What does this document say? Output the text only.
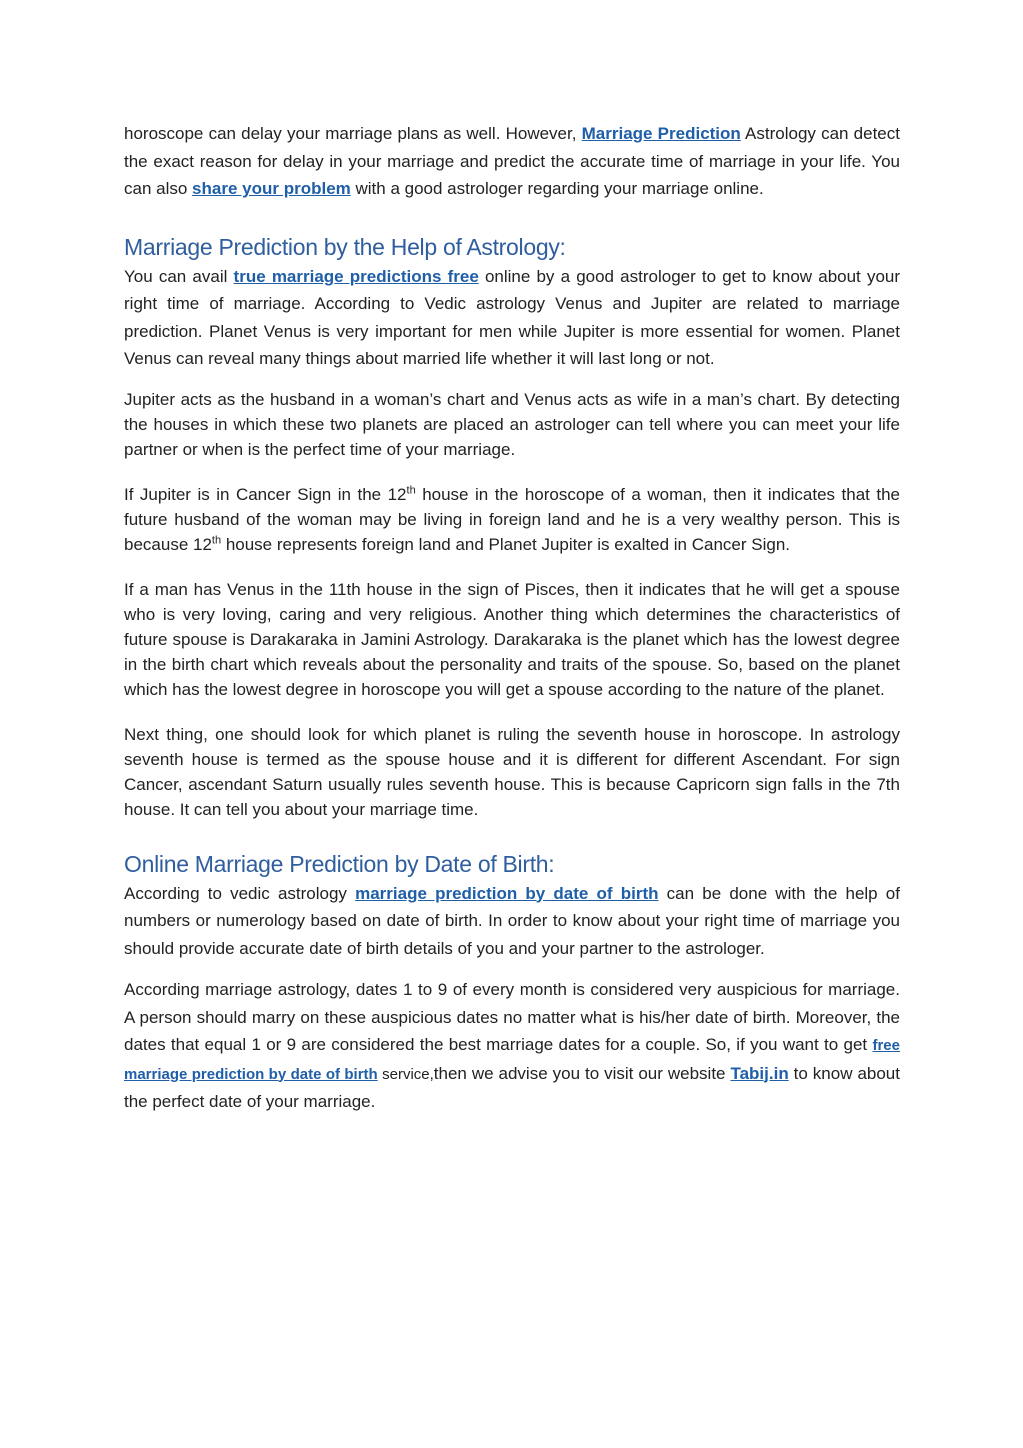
horoscope can delay your marriage plans as well. However, Marriage Prediction Astrology can detect the exact reason for delay in your marriage and predict the accurate time of marriage in your life. You can also share your problem with a good astrologer regarding your marriage online.

Marriage Prediction by the Help of Astrology:

You can avail true marriage predictions free online by a good astrologer to get to know about your right time of marriage. According to Vedic astrology Venus and Jupiter are related to marriage prediction. Planet Venus is very important for men while Jupiter is more essential for women. Planet Venus can reveal many things about married life whether it will last long or not.

Jupiter acts as the husband in a woman’s chart and Venus acts as wife in a man’s chart. By detecting the houses in which these two planets are placed an astrologer can tell where you can meet your life partner or when is the perfect time of your marriage.

If Jupiter is in Cancer Sign in the 12th house in the horoscope of a woman, then it indicates that the future husband of the woman may be living in foreign land and he is a very wealthy person. This is because 12th house represents foreign land and Planet Jupiter is exalted in Cancer Sign.

If a man has Venus in the 11th house in the sign of Pisces, then it indicates that he will get a spouse who is very loving, caring and very religious. Another thing which determines the characteristics of future spouse is Darakaraka in Jamini Astrology. Darakaraka is the planet which has the lowest degree in the birth chart which reveals about the personality and traits of the spouse. So, based on the planet which has the lowest degree in horoscope you will get a spouse according to the nature of the planet.

Next thing, one should look for which planet is ruling the seventh house in horoscope. In astrology seventh house is termed as the spouse house and it is different for different Ascendant. For sign Cancer, ascendant Saturn usually rules seventh house. This is because Capricorn sign falls in the 7th house. It can tell you about your marriage time.

Online Marriage Prediction by Date of Birth:

According to vedic astrology marriage prediction by date of birth can be done with the help of numbers or numerology based on date of birth. In order to know about your right time of marriage you should provide accurate date of birth details of you and your partner to the astrologer.

According marriage astrology, dates 1 to 9 of every month is considered very auspicious for marriage. A person should marry on these auspicious dates no matter what is his/her date of birth. Moreover, the dates that equal 1 or 9 are considered the best marriage dates for a couple. So, if you want to get free marriage prediction by date of birth service,then we advise you to visit our website Tabij.in to know about the perfect date of your marriage.
